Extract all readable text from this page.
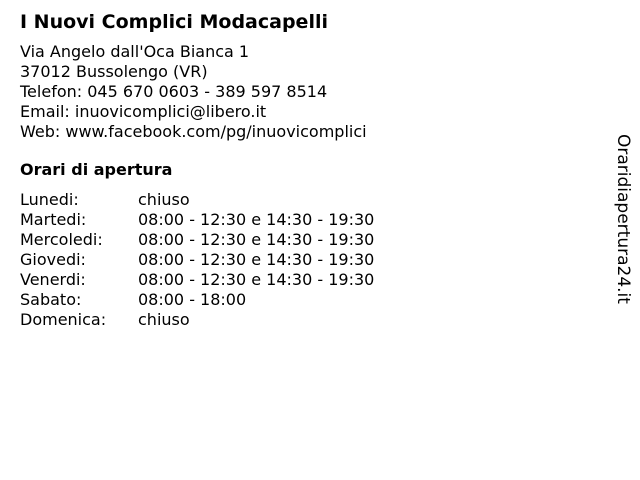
I Nuovi Complici Modacapelli
Via Angelo dall'Oca Bianca 1
37012 Bussolengo (VR)
Telefon: 045 670 0603 - 389 597 8514
Email: inuovicomplici@libero.it
Web: www.facebook.com/pg/inuovicomplici
Orari di apertura
Lunedi:	chiuso
Martedi:	08:00 - 12:30 e 14:30 - 19:30
Mercoledi:	08:00 - 12:30 e 14:30 - 19:30
Giovedi:	08:00 - 12:30 e 14:30 - 19:30
Venerdi:	08:00 - 12:30 e 14:30 - 19:30
Sabato:	08:00 - 18:00
Domenica:	chiuso
Oraridiapertura24.it
